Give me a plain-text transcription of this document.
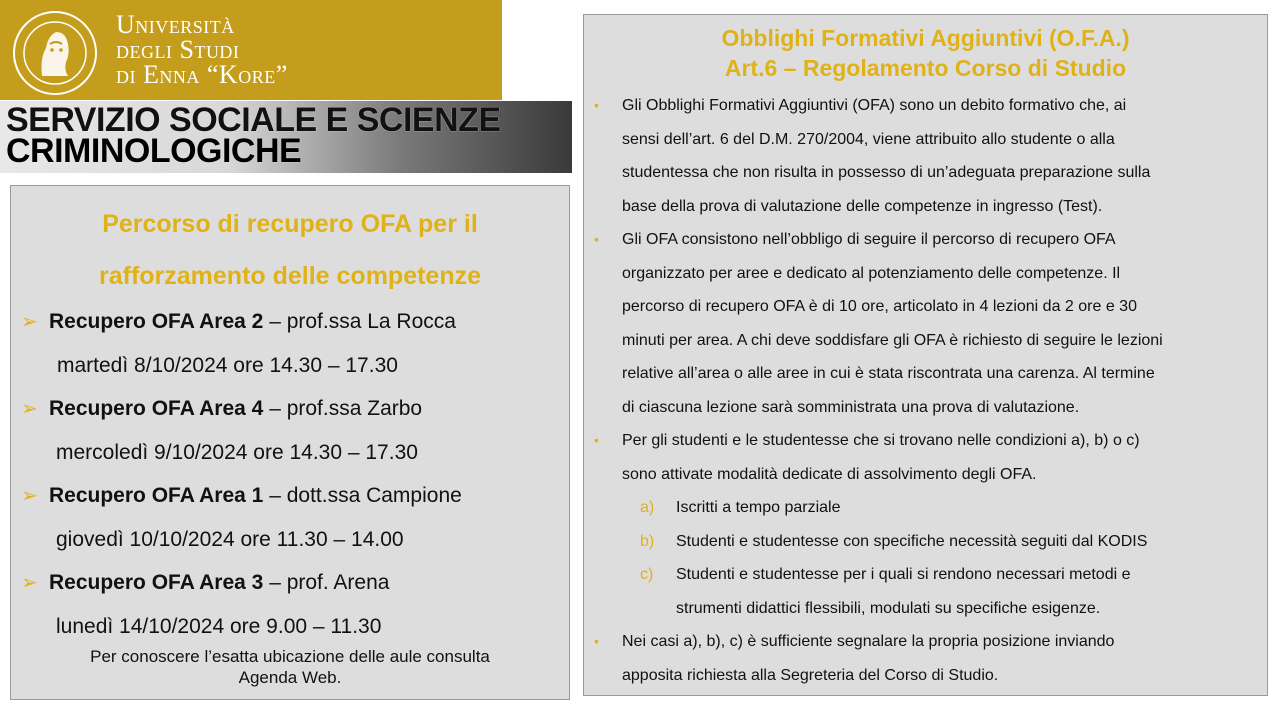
Università
degli Studi
di Enna “Kore”
SERVIZIO SOCIALE E SCIENZE
CRIMINOLOGICHE
Percorso di recupero OFA per il
rafforzamento delle competenze
➢ Recupero OFA Area 2 – prof.ssa La Rocca
martedì 8/10/2024 ore 14.30 – 17.30
➢ Recupero OFA Area 4 – prof.ssa Zarbo
mercoledì 9/10/2024 ore 14.30 – 17.30
➢ Recupero OFA Area 1 – dott.ssa Campione
giovedì 10/10/2024 ore 11.30 – 14.00
➢ Recupero OFA Area 3 – prof. Arena
lunedì 14/10/2024 ore 9.00 – 11.30
Per conoscere l’esatta ubicazione delle aule consulta
Agenda Web.
Obblighi Formativi Aggiuntivi (O.F.A.)
Art.6 – Regolamento Corso di Studio
• Gli Obblighi Formativi Aggiuntivi (OFA) sono un debito formativo che, ai
sensi dell’art. 6 del D.M. 270/2004, viene attribuito allo studente o alla
studentessa che non risulta in possesso di un’adeguata preparazione sulla
base della prova di valutazione delle competenze in ingresso (Test).
• Gli OFA consistono nell’obbligo di seguire il percorso di recupero OFA
organizzato per aree e dedicato al potenziamento delle competenze. Il
percorso di recupero OFA è di 10 ore, articolato in 4 lezioni da 2 ore e 30
minuti per area. A chi deve soddisfare gli OFA è richiesto di seguire le lezioni
relative all’area o alle aree in cui è stata riscontrata una carenza. Al termine
di ciascuna lezione sarà somministrata una prova di valutazione.
• Per gli studenti e le studentesse che si trovano nelle condizioni a), b) o c)
sono attivate modalità dedicate di assolvimento degli OFA.
a) Iscritti a tempo parziale
b) Studenti e studentesse con specifiche necessità seguiti dal KODIS
c) Studenti e studentesse per i quali si rendono necessari metodi e
strumenti didattici flessibili, modulati su specifiche esigenze.
• Nei casi a), b), c) è sufficiente segnalare la propria posizione inviando
apposita richiesta alla Segreteria del Corso di Studio.
